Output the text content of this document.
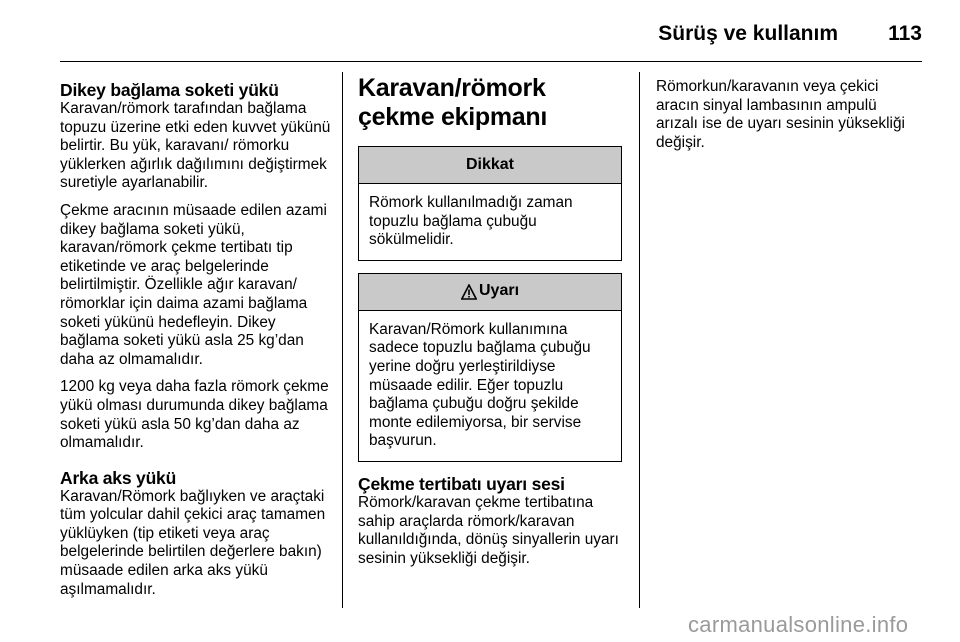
Sürüş ve kullanım 113
Dikey bağlama soketi yükü

Karavan/römork tarafından bağlama topuzu üzerine etki eden kuvvet yükünü belirtir. Bu yük, karavanı/ römorku yüklerken ağırlık dağılımını değiştirmek suretiyle ayarlanabilir.

Çekme aracının müsaade edilen azami dikey bağlama soketi yükü, karavan/römork çekme tertibatı tip etiketinde ve araç belgelerinde belirtilmiştir. Özellikle ağır karavan/ römorklar için daima azami bağlama soketi yükünü hedefleyin. Dikey bağlama soketi yükü asla 25 kg’dan daha az olmamalıdır.

1200 kg veya daha fazla römork çekme yükü olması durumunda dikey bağlama soketi yükü asla 50 kg’dan daha az olmamalıdır.

Arka aks yükü

Karavan/Römork bağlıyken ve araçtaki tüm yolcular dahil çekici araç tamamen yüklüyken (tip etiketi veya araç belgelerinde belirtilen değerlere bakın) müsaade edilen arka aks yükü aşılmamalıdır.

Karavan/römork çekme ekipmanı
Dikkat
Römork kullanılmadığı zaman topuzlu bağlama çubuğu sökülmelidir.
Uyarı
Karavan/Römork kullanımına sadece topuzlu bağlama çubuğu yerine doğru yerleştirildiyse müsaade edilir. Eğer topuzlu bağlama çubuğu doğru şekilde monte edilemiyorsa, bir servise başvurun.
Çekme tertibatı uyarı sesi

Römork/karavan çekme tertibatına sahip araçlarda römork/karavan kullanıldığında, dönüş sinyallerin uyarı sesinin yüksekliği değişir.

Römorkun/karavanın veya çekici aracın sinyal lambasının ampulü arızalı ise de uyarı sesinin yüksekliği değişir.

carmanualsonline.info
